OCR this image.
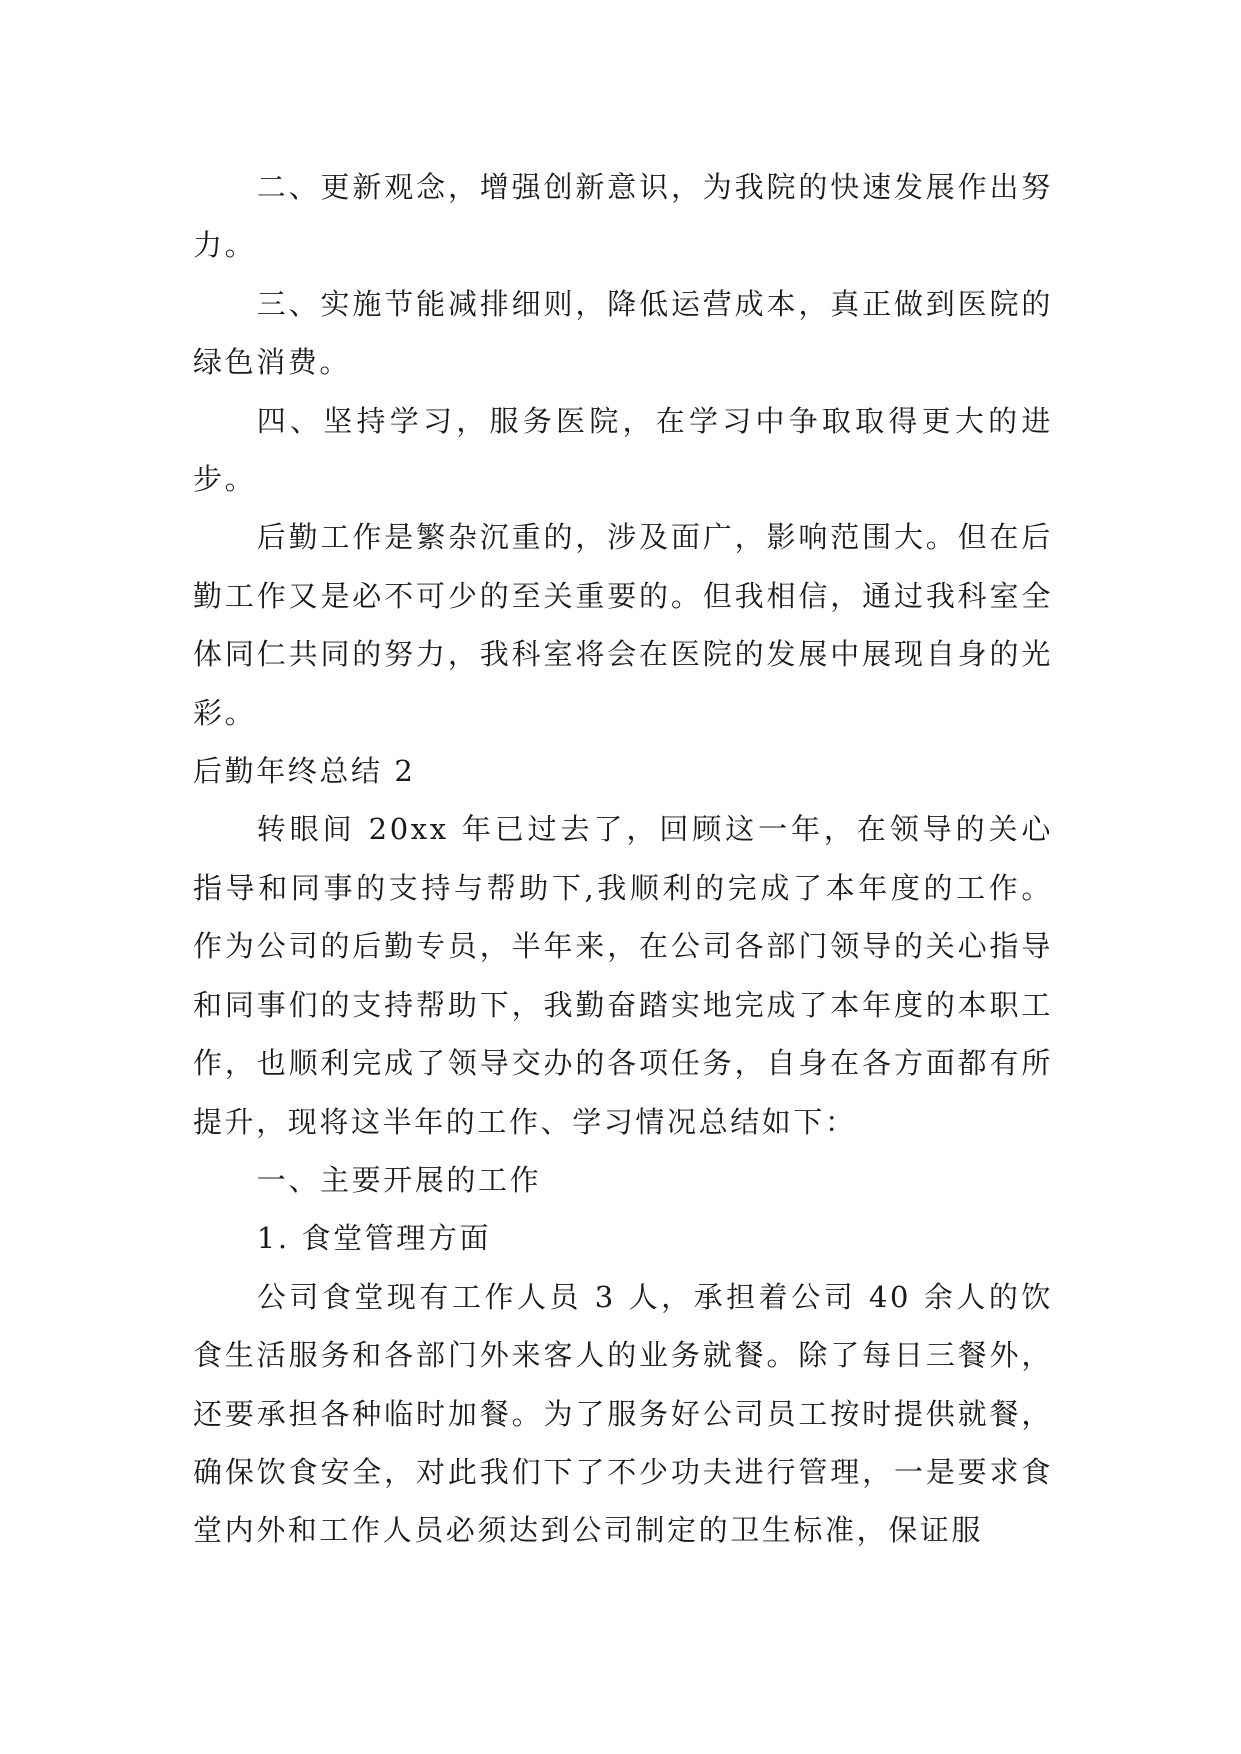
二、更新观念，增强创新意识，为我院的快速发展作出努力。

三、实施节能减排细则，降低运营成本，真正做到医院的绿色消费。

四、坚持学习，服务医院，在学习中争取取得更大的进步。

后勤工作是繁杂沉重的，涉及面广，影响范围大。但在后勤工作又是必不可少的至关重要的。但我相信，通过我科室全体同仁共同的努力，我科室将会在医院的发展中展现自身的光彩。

后勤年终总结 2

转眼间 20xx 年已过去了，回顾这一年，在领导的关心指导和同事的支持与帮助下,我顺利的完成了本年度的工作。作为公司的后勤专员，半年来，在公司各部门领导的关心指导和同事们的支持帮助下，我勤奋踏实地完成了本年度的本职工作，也顺利完成了领导交办的各项任务，自身在各方面都有所提升，现将这半年的工作、学习情况总结如下：

一、主要开展的工作

1. 食堂管理方面

公司食堂现有工作人员 3 人，承担着公司 40 余人的饮食生活服务和各部门外来客人的业务就餐。除了每日三餐外，还要承担各种临时加餐。为了服务好公司员工按时提供就餐，确保饮食安全，对此我们下了不少功夫进行管理，一是要求食堂内外和工作人员必须达到公司制定的卫生标准，保证服
